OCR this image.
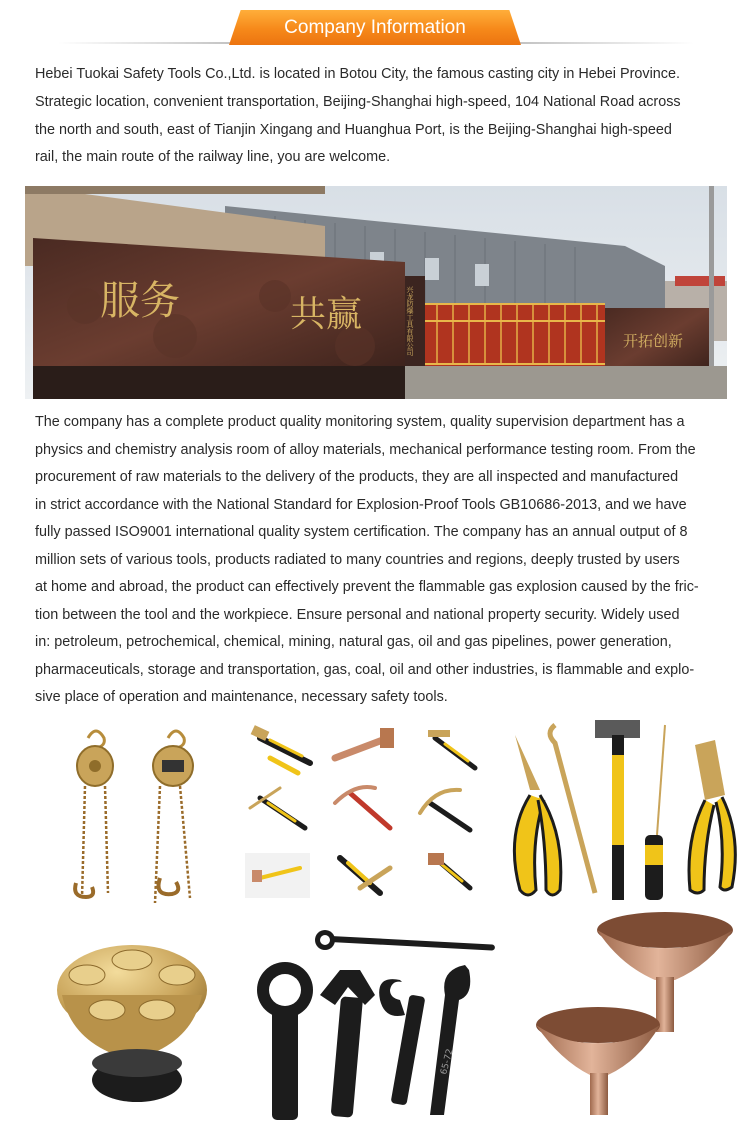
Company Information
Hebei Tuokai Safety Tools Co.,Ltd. is located in Botou City, the famous casting city in Hebei Province.
Strategic location, convenient transportation, Beijing-Shanghai high-speed, 104 National Road across
the north and south, east of Tianjin Xingang and Huanghua Port, is the Beijing-Shanghai high-speed
rail, the main route of the railway line, you are welcome.
服务	共赢	兴龙防爆工具有限公司	开拓创新
The company has a complete product quality monitoring system, quality supervision department has a
physics and chemistry analysis room of alloy materials, mechanical performance testing room. From the
procurement of raw materials to the delivery of the products, they are all inspected and manufactured
in strict accordance with the National Standard for Explosion-Proof Tools GB10686-2013, and we have
fully passed ISO9001 international quality system certification. The company has an annual output of 8
million sets of various tools, products radiated to many countries and regions, deeply trusted by users
at home and abroad, the product can effectively prevent the flammable gas explosion caused by the fric-
tion between the tool and the workpiece. Ensure personal and national property security. Widely used
in: petroleum, petrochemical, chemical, mining, natural gas, oil and gas pipelines, power generation,
pharmaceuticals, storage and transportation, gas, coal, oil and other industries, is flammable and explo-
sive place of operation and maintenance, necessary safety tools.
65-72
